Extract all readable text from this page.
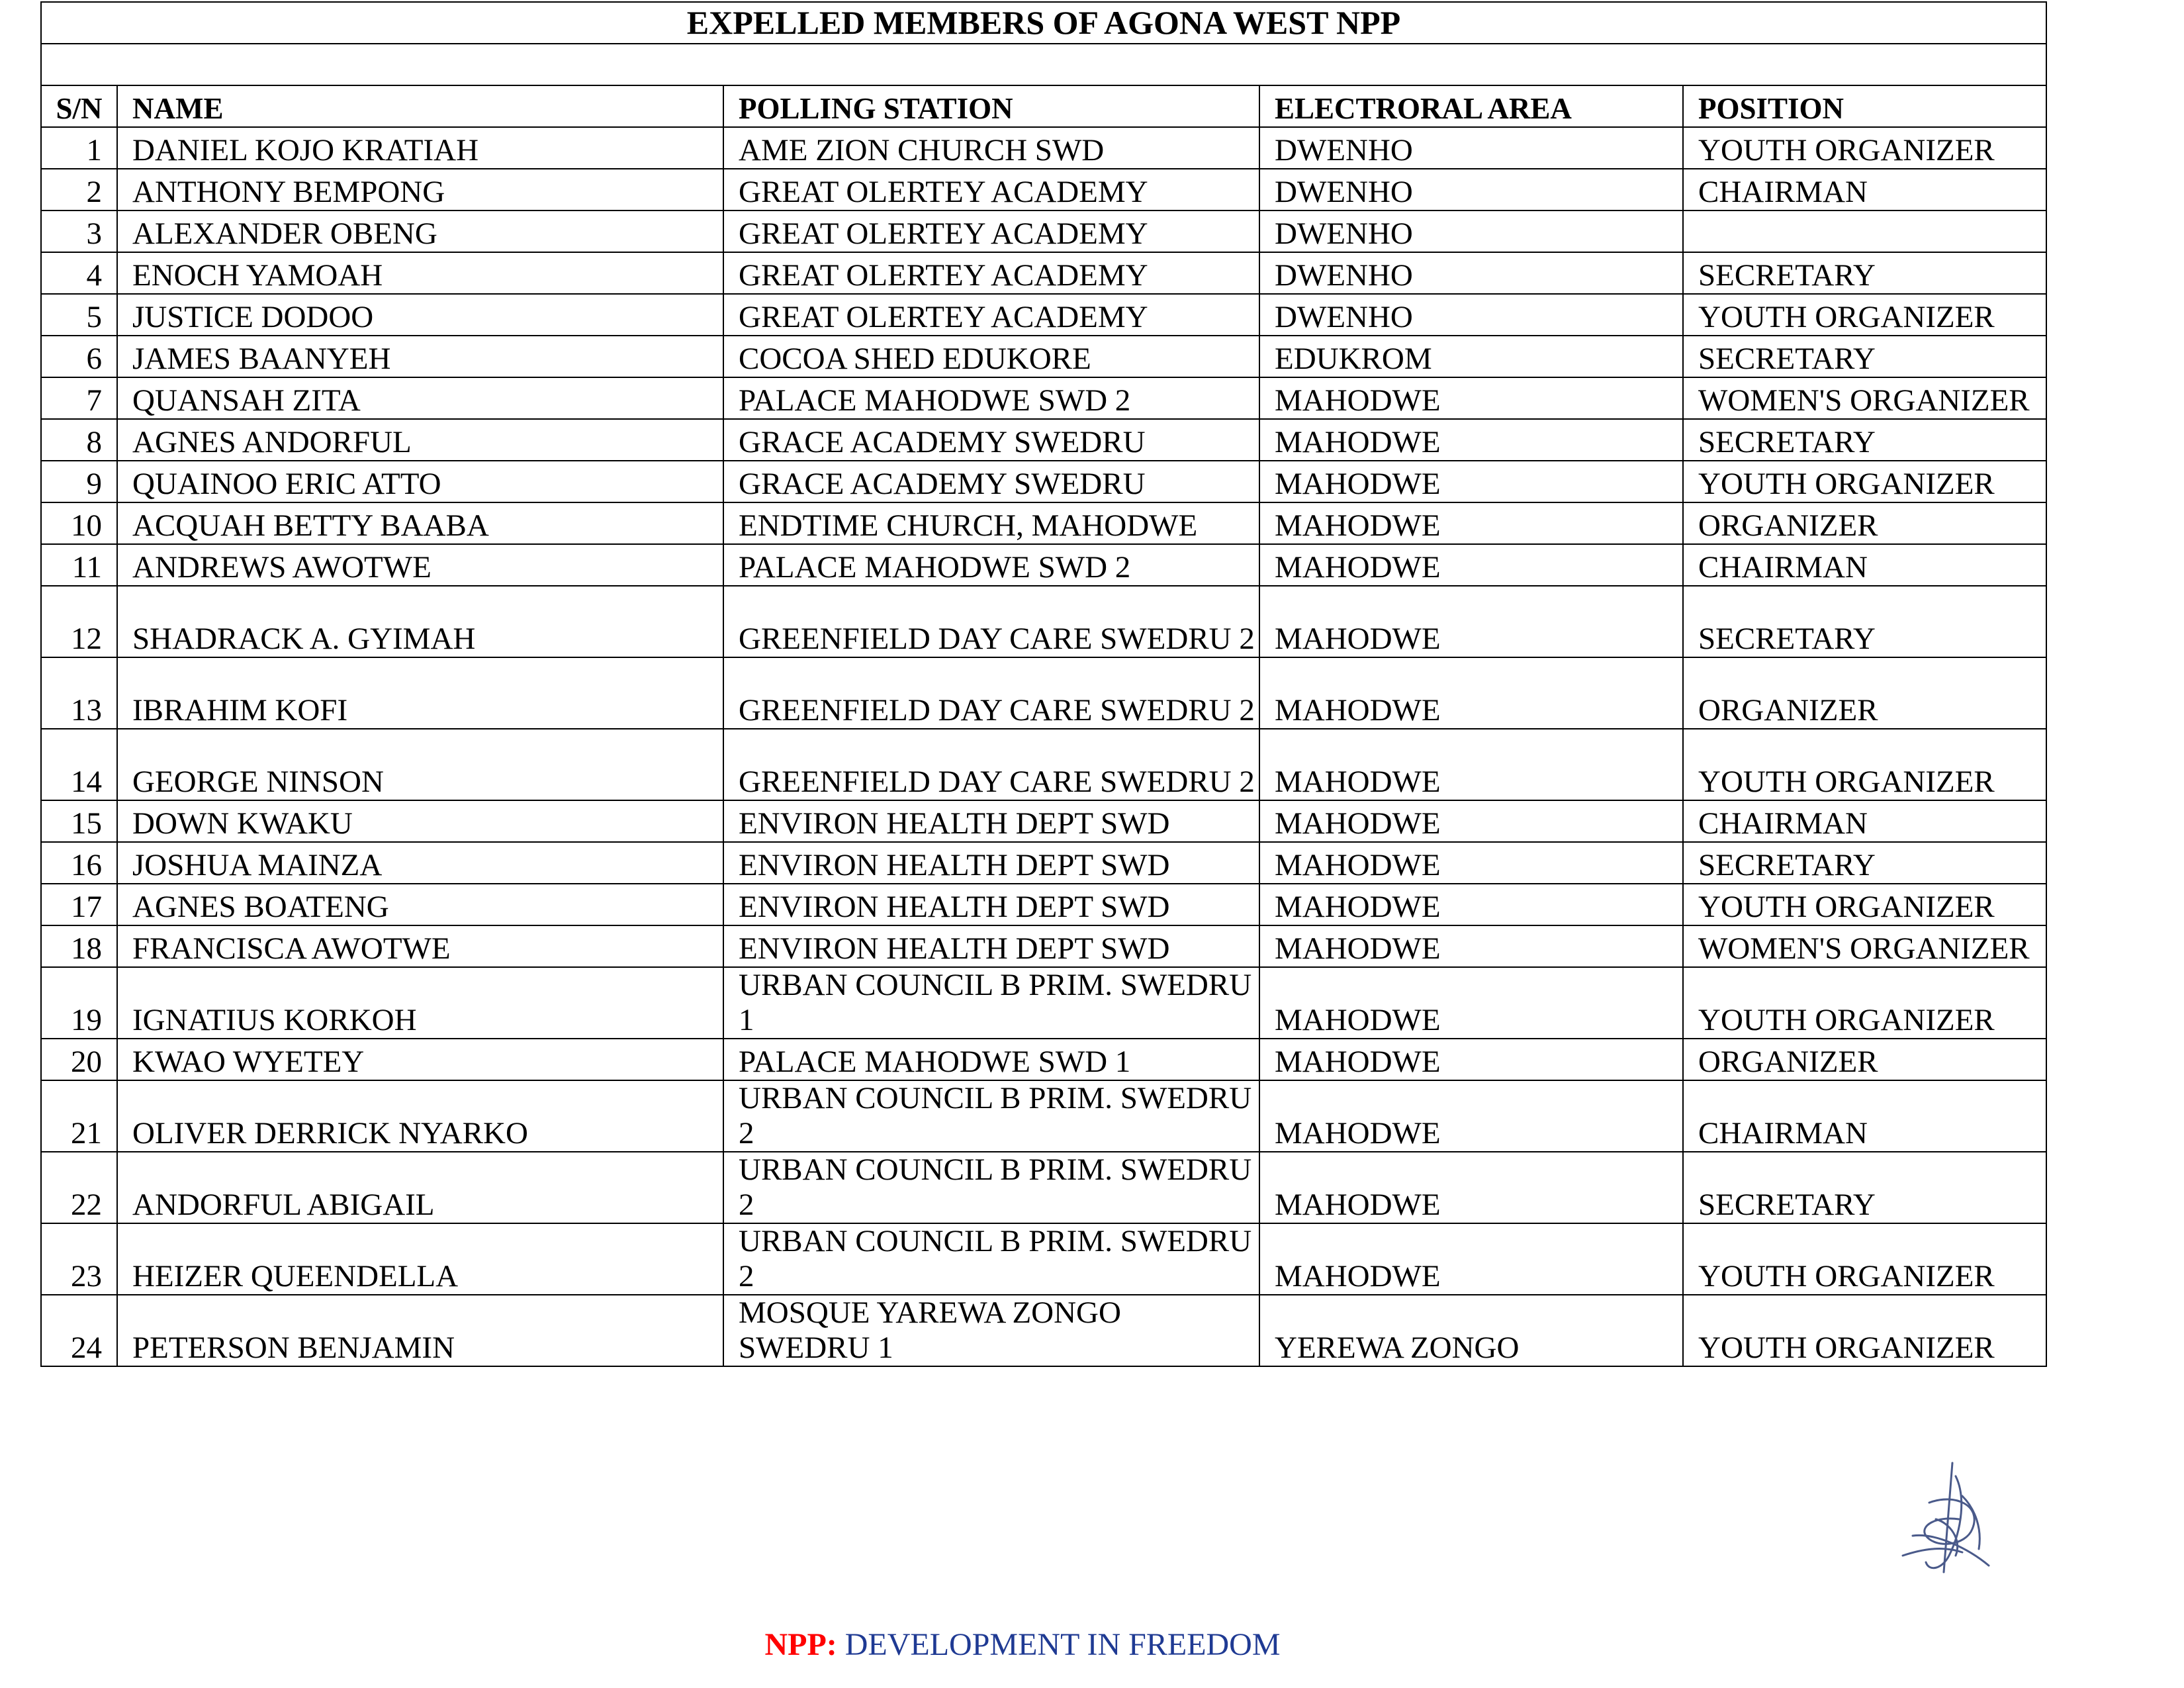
EXPELLED MEMBERS OF AGONA WEST NPP				

S/N	NAME	POLLING STATION	ELECTRORAL AREA	POSITION
1	DANIEL KOJO KRATIAH	AME ZION CHURCH SWD	DWENHO	YOUTH ORGANIZER
2	ANTHONY BEMPONG	GREAT OLERTEY ACADEMY	DWENHO	CHAIRMAN
3	ALEXANDER OBENG	GREAT OLERTEY ACADEMY	DWENHO	
4	ENOCH YAMOAH	GREAT OLERTEY ACADEMY	DWENHO	SECRETARY
5	JUSTICE DODOO	GREAT OLERTEY ACADEMY	DWENHO	YOUTH ORGANIZER
6	JAMES BAANYEH	COCOA SHED EDUKORE	EDUKROM	SECRETARY
7	QUANSAH ZITA	PALACE MAHODWE SWD 2	MAHODWE	WOMEN'S ORGANIZER
8	AGNES ANDORFUL	GRACE ACADEMY SWEDRU	MAHODWE	SECRETARY
9	QUAINOO ERIC ATTO	GRACE ACADEMY SWEDRU	MAHODWE	YOUTH ORGANIZER
10	ACQUAH BETTY BAABA	ENDTIME CHURCH, MAHODWE	MAHODWE	ORGANIZER
11	ANDREWS AWOTWE	PALACE MAHODWE SWD 2	MAHODWE	CHAIRMAN
12	SHADRACK A. GYIMAH	GREENFIELD DAY CARE SWEDRU 2	MAHODWE	SECRETARY
13	IBRAHIM KOFI	GREENFIELD DAY CARE SWEDRU 2	MAHODWE	ORGANIZER
14	GEORGE NINSON	GREENFIELD DAY CARE SWEDRU 2	MAHODWE	YOUTH ORGANIZER
15	DOWN KWAKU	ENVIRON HEALTH DEPT SWD	MAHODWE	CHAIRMAN
16	JOSHUA MAINZA	ENVIRON HEALTH DEPT SWD	MAHODWE	SECRETARY
17	AGNES BOATENG	ENVIRON HEALTH DEPT SWD	MAHODWE	YOUTH ORGANIZER
18	FRANCISCA AWOTWE	ENVIRON HEALTH DEPT SWD	MAHODWE	WOMEN'S ORGANIZER
19	IGNATIUS KORKOH	URBAN COUNCIL B PRIM. SWEDRU 1	MAHODWE	YOUTH ORGANIZER
20	KWAO WYETEY	PALACE MAHODWE SWD 1	MAHODWE	ORGANIZER
21	OLIVER DERRICK NYARKO	URBAN COUNCIL B PRIM. SWEDRU 2	MAHODWE	CHAIRMAN
22	ANDORFUL ABIGAIL	URBAN COUNCIL B PRIM. SWEDRU 2	MAHODWE	SECRETARY
23	HEIZER QUEENDELLA	URBAN COUNCIL B PRIM. SWEDRU 2	MAHODWE	YOUTH ORGANIZER
24	PETERSON BENJAMIN	MOSQUE YAREWA ZONGO SWEDRU 1	YEREWA ZONGO	YOUTH ORGANIZER
NPP: DEVELOPMENT IN FREEDOM
